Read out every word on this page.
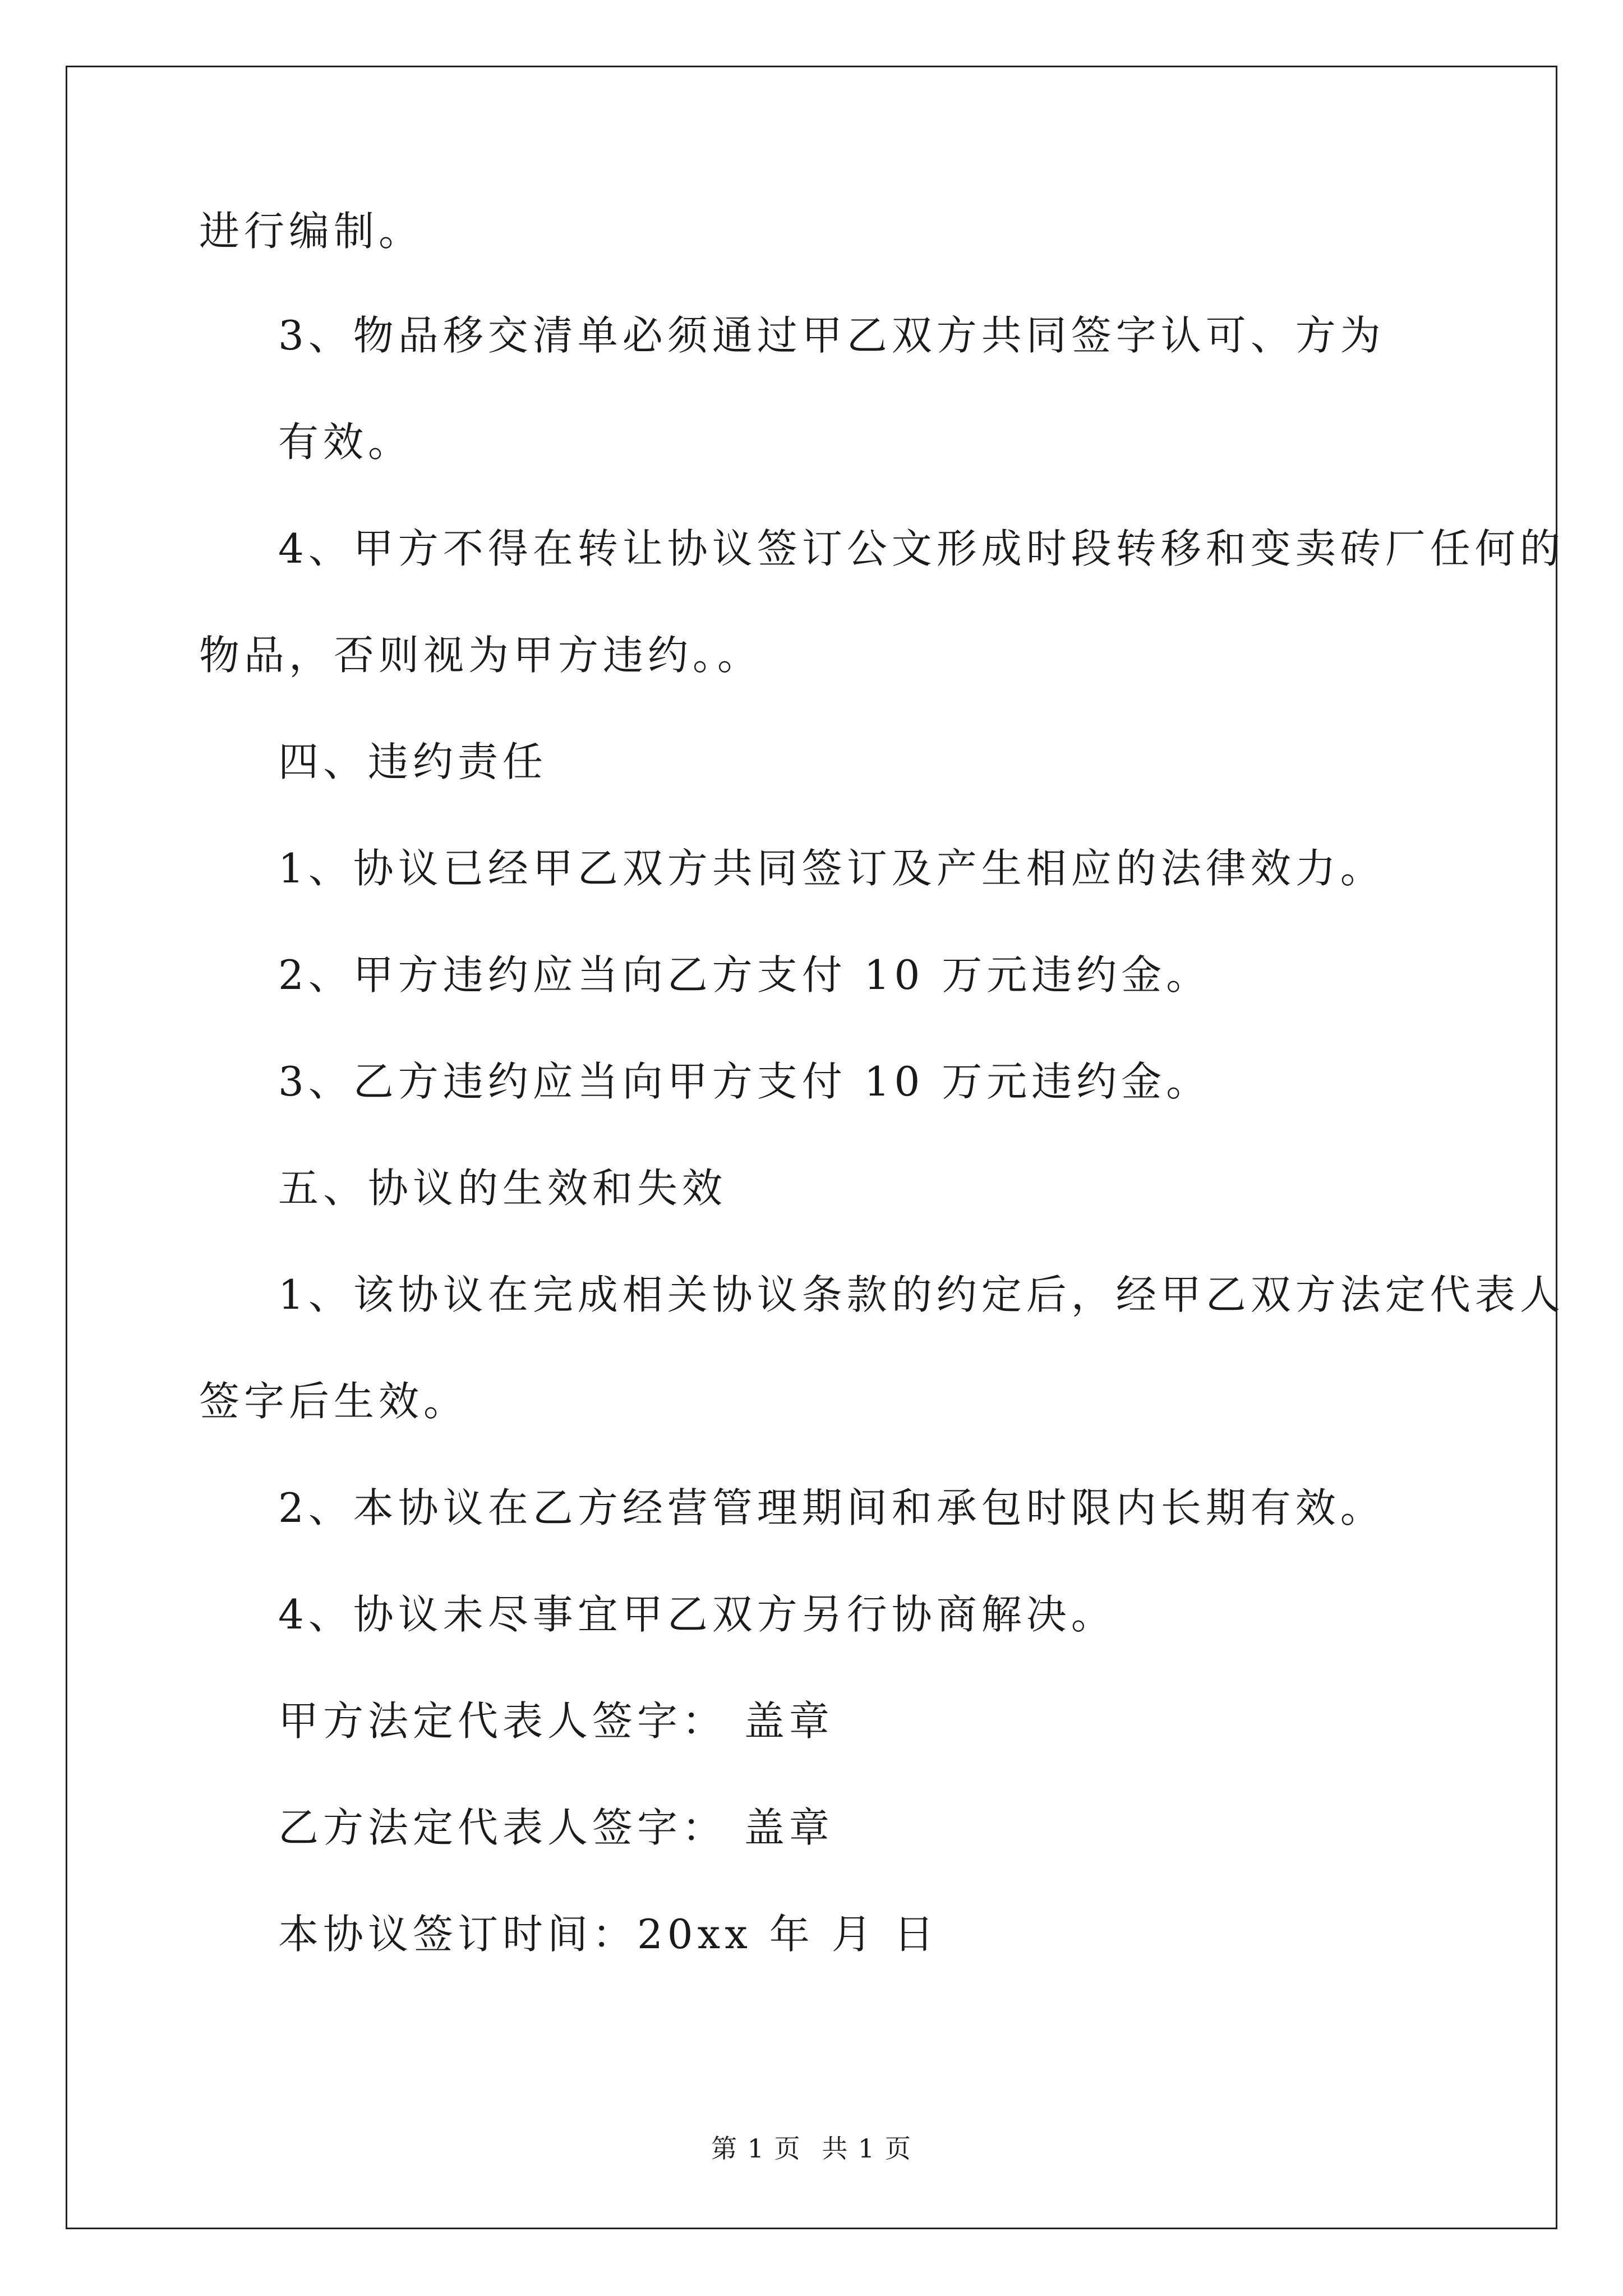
进行编制。
3、物品移交清单必须通过甲乙双方共同签字认可、方为
有效。
4、甲方不得在转让协议签订公文形成时段转移和变卖砖厂任何的
物品，否则视为甲方违约。。
四、违约责任
1、协议已经甲乙双方共同签订及产生相应的法律效力。
2、甲方违约应当向乙方支付 10 万元违约金。
3、乙方违约应当向甲方支付 10 万元违约金。
五、协议的生效和失效
1、该协议在完成相关协议条款的约定后，经甲乙双方法定代表人
签字后生效。
2、本协议在乙方经营管理期间和承包时限内长期有效。
4、协议未尽事宜甲乙双方另行协商解决。
甲方法定代表人签字： 盖章
乙方法定代表人签字： 盖章
本协议签订时间：20xx 年 月 日
第 1 页 共 1 页
